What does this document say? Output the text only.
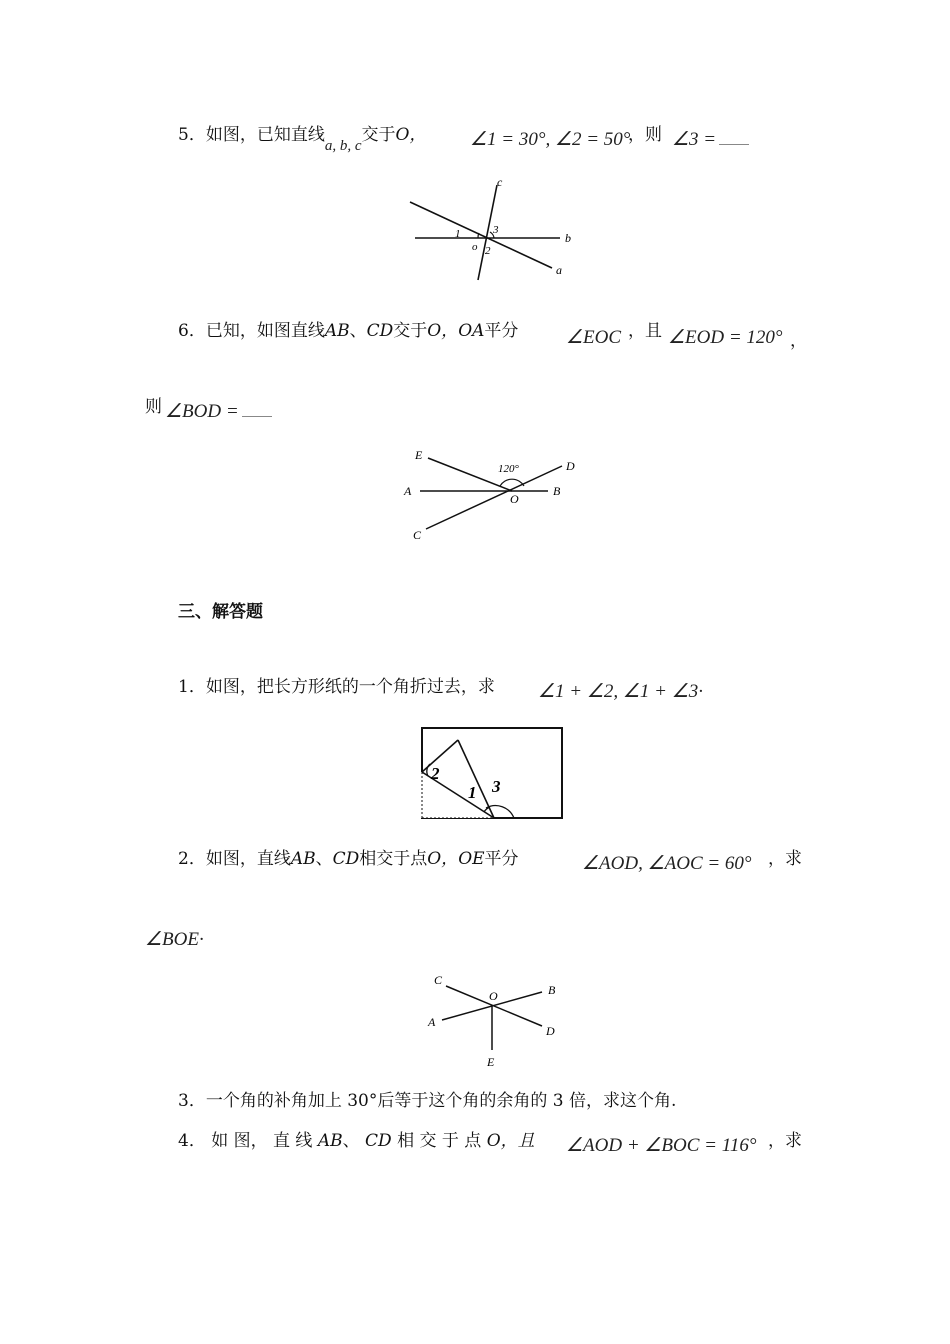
5．如图，已知直线a, b, c交于O， ∠1 = 30°, ∠2 = 50°
，则 ∠3 =
c
b
a
o
1
2
3
6．已知，如图直线AB、CD交于O，OA平分	∠EOC ，且 ∠EOD = 120° ，
则 ∠BOD =
E
D
A	B
O
C
120°
三、解答题
1．如图，把长方形纸的一个角折过去，求 ∠1 + ∠2, ∠1 + ∠3·
2
1 3
2．如图，直线AB、CD相交于点O，OE平分	∠AOD, ∠AOC = 60° ，求
∠BOE·
C
O	B
A
D
E
3．一个角的补角加上 30°后等于这个角的余角的 3 倍，求这个角.
4． 如 图， 直 线 AB、 CD 相 交 于 点 O，且 ∠AOD + ∠BOC = 116° ，求
